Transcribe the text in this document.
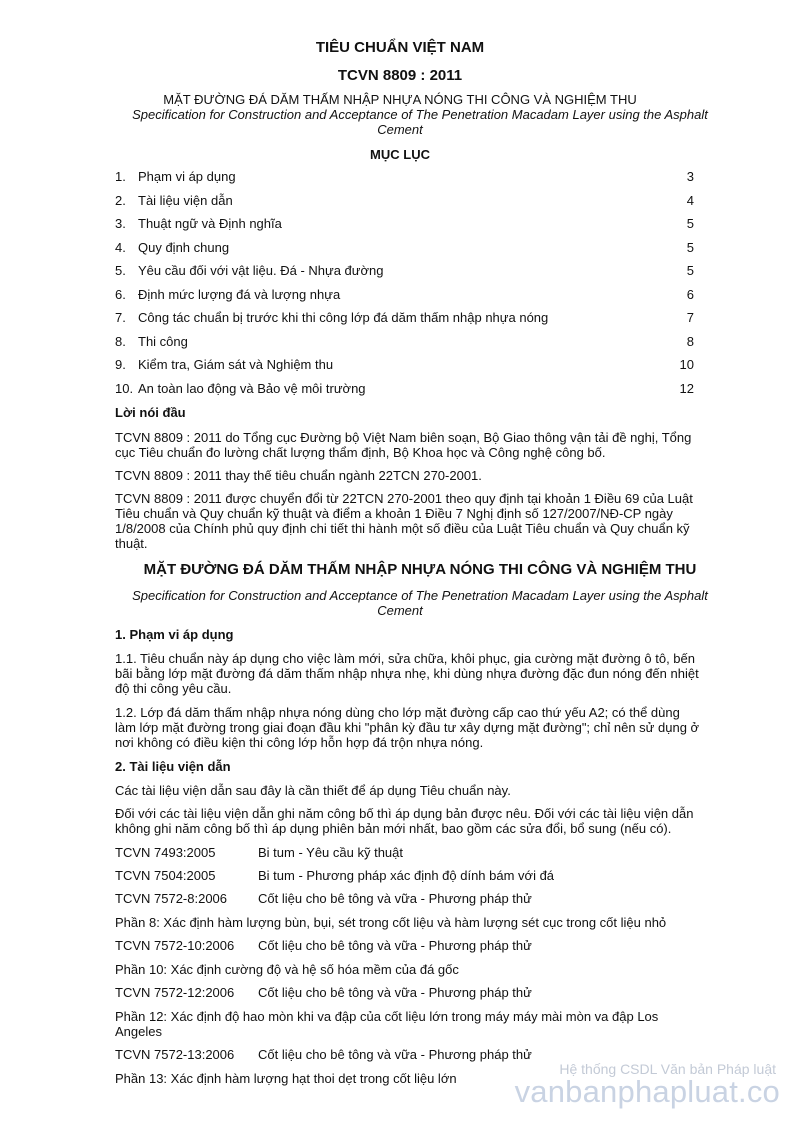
TIÊU CHUẨN VIỆT NAM
TCVN 8809 : 2011
MẶT ĐƯỜNG ĐÁ DĂM THẤM NHẬP NHỰA NÓNG THI CÔNG VÀ NGHIỆM THU
Specification for Construction and Acceptance of The Penetration Macadam Layer using the Asphalt
Cement
MỤC LỤC
1. Phạm vi áp dụng	3
2. Tài liệu viện dẫn	4
3. Thuật ngữ và Định nghĩa	5
4. Quy định chung	5
5. Yêu cầu đối với vật liệu. Đá - Nhựa đường	5
6. Định mức lượng đá và lượng nhựa	6
7. Công tác chuẩn bị trước khi thi công lớp đá dăm thấm nhập nhựa nóng	7
8. Thi công	8
9. Kiểm tra, Giám sát và Nghiệm thu	10
10. An toàn lao động và Bảo vệ môi trường	12
Lời nói đầu
TCVN 8809 : 2011 do Tổng cục Đường bộ Việt Nam biên soạn, Bộ Giao thông vận tải đề nghị, Tổng
cục Tiêu chuẩn đo lường chất lượng thẩm định, Bộ Khoa học và Công nghệ công bố.
TCVN 8809 : 2011 thay thế tiêu chuẩn ngành 22TCN 270-2001.
TCVN 8809 : 2011 được chuyển đổi từ 22TCN 270-2001 theo quy định tại khoản 1 Điều 69 của Luật
Tiêu chuẩn và Quy chuẩn kỹ thuật và điểm a khoản 1 Điều 7 Nghị định số 127/2007/NĐ-CP ngày
1/8/2008 của Chính phủ quy định chi tiết thi hành một số điều của Luật Tiêu chuẩn và Quy chuẩn kỹ
thuật.
MẶT ĐƯỜNG ĐÁ DĂM THẤM NHẬP NHỰA NÓNG THI CÔNG VÀ NGHIỆM THU
Specification for Construction and Acceptance of The Penetration Macadam Layer using the Asphalt
Cement
1. Phạm vi áp dụng
1.1. Tiêu chuẩn này áp dụng cho việc làm mới, sửa chữa, khôi phục, gia cường mặt đường ô tô, bến
bãi bằng lớp mặt đường đá dăm thấm nhập nhựa nhẹ, khi dùng nhựa đường đặc đun nóng đến nhiệt
độ thi công yêu cầu.
1.2. Lớp đá dăm thấm nhập nhựa nóng dùng cho lớp mặt đường cấp cao thứ yếu A2; có thể dùng
làm lớp mặt đường trong giai đoạn đầu khi "phân kỳ đầu tư xây dựng mặt đường"; chỉ nên sử dụng ở
nơi không có điều kiện thi công lớp hỗn hợp đá trộn nhựa nóng.
2. Tài liệu viện dẫn
Các tài liệu viện dẫn sau đây là cần thiết để áp dụng Tiêu chuẩn này.
Đối với các tài liệu viện dẫn ghi năm công bố thì áp dụng bản được nêu. Đối với các tài liệu viện dẫn
không ghi năm công bố thì áp dụng phiên bản mới nhất, bao gồm các sửa đổi, bổ sung (nếu có).
TCVN 7493:2005	Bi tum - Yêu cầu kỹ thuật
TCVN 7504:2005	Bi tum - Phương pháp xác định độ dính bám với đá
TCVN 7572-8:2006 Cốt liệu cho bê tông và vữa - Phương pháp thử
Phần 8: Xác định hàm lượng bùn, bụi, sét trong cốt liệu và hàm lượng sét cục trong cốt liệu nhỏ
TCVN 7572-10:2006 Cốt liệu cho bê tông và vữa - Phương pháp thử
Phần 10: Xác định cường độ và hệ số hóa mềm của đá gốc
TCVN 7572-12:2006 Cốt liệu cho bê tông và vữa - Phương pháp thử
Phần 12: Xác định độ hao mòn khi va đập của cốt liệu lớn trong máy máy mài mòn va đập Los
Angeles
TCVN 7572-13:2006 Cốt liệu cho bê tông và vữa - Phương pháp thử
Phần 13: Xác định hàm lượng hạt thoi dẹt trong cốt liệu lớn
Hệ thống CSDL Văn bản Pháp luật
vanbanphapluat.co
